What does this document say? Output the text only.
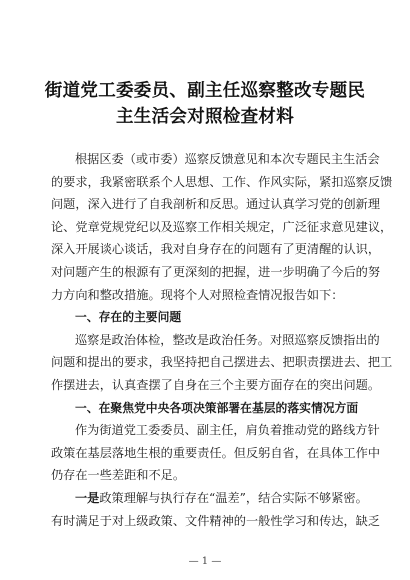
街道党工委委员、副主任巡察整改专题民
主生活会对照检查材料
根据区委（或市委）巡察反馈意见和本次专题民主生活会
的要求，我紧密联系个人思想、工作、作风实际，紧扣巡察反馈
问题，深入进行了自我剖析和反思。通过认真学习党的创新理
论、党章党规党纪以及巡察工作相关规定，广泛征求意见建议，
深入开展谈心谈话，我对自身存在的问题有了更清醒的认识，
对问题产生的根源有了更深刻的把握，进一步明确了今后的努
力方向和整改措施。现将个人对照检查情况报告如下：
一、存在的主要问题
巡察是政治体检，整改是政治任务。对照巡察反馈指出的
问题和提出的要求，我坚持把自己摆进去、把职责摆进去、把工
作摆进去，认真查摆了自身在三个主要方面存在的突出问题。
一、在聚焦党中央各项决策部署在基层的落实情况方面
作为街道党工委委员、副主任，肩负着推动党的路线方针
政策在基层落地生根的重要责任。但反躬自省，在具体工作中
仍存在一些差距和不足。
一是政策理解与执行存在“温差”，结合实际不够紧密。
有时满足于对上级政策、文件精神的一般性学习和传达，缺乏
— 1 —
